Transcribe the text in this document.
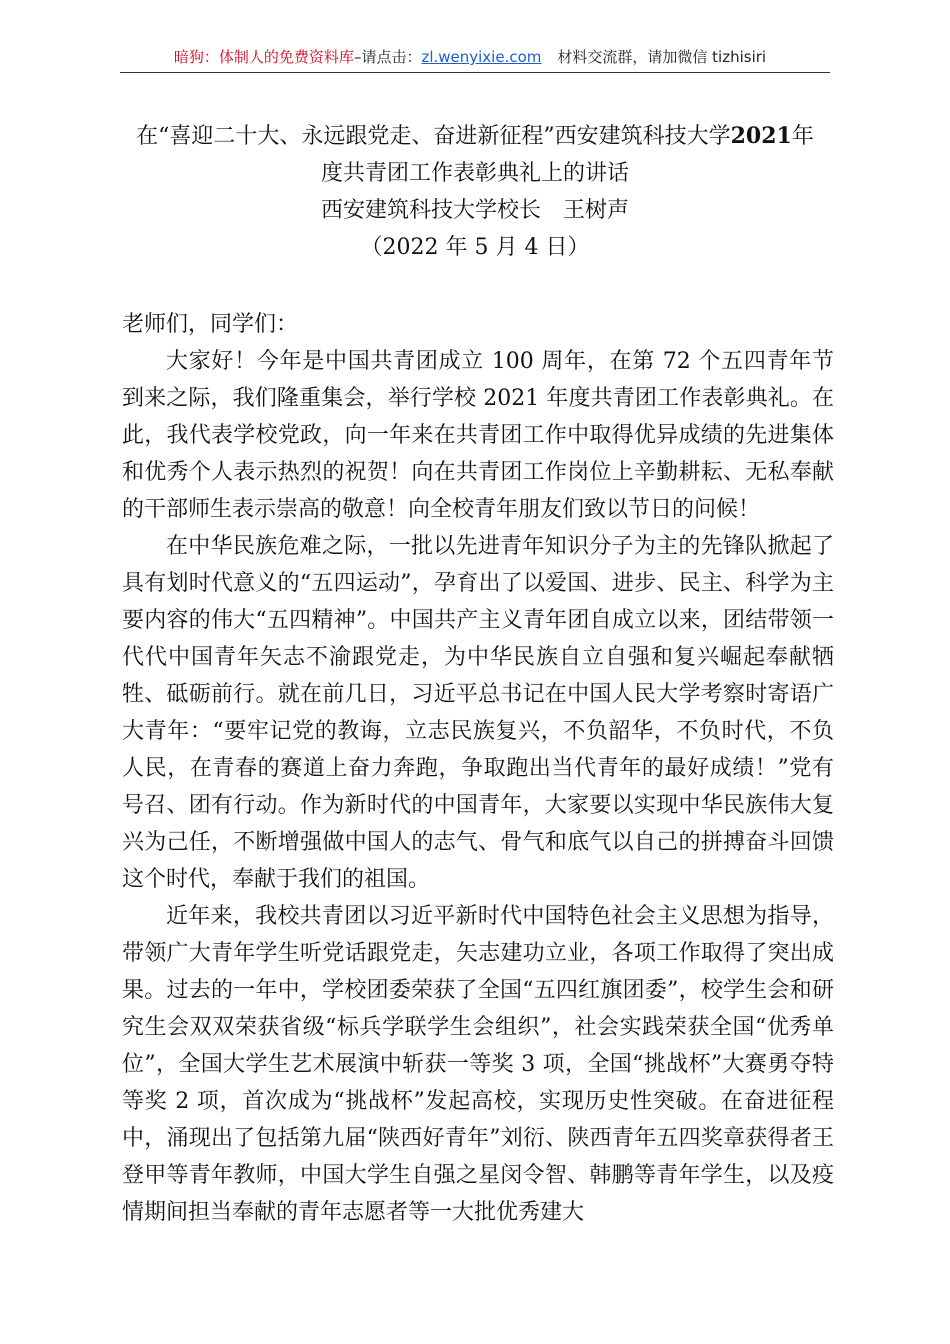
暗狗：体制人的免费资料库–请点击：zl.wenyixie.com 材料交流群，请加微信 tizhisiri
在“喜迎二十大、永远跟党走、奋进新征程”西安建筑科技大学2021年
度共青团工作表彰典礼上的讲话
西安建筑科技大学校长　王树声
（2022 年 5 月 4 日）

老师们，同学们：

大家好！今年是中国共青团成立 100 周年，在第 72 个五四青年节到来之际，我们隆重集会，举行学校 2021 年度共青团工作表彰典礼。在此，我代表学校党政，向一年来在共青团工作中取得优异成绩的先进集体和优秀个人表示热烈的祝贺！向在共青团工作岗位上辛勤耕耘、无私奉献的干部师生表示崇高的敬意！向全校青年朋友们致以节日的问候！

在中华民族危难之际，一批以先进青年知识分子为主的先锋队掀起了具有划时代意义的“五四运动”，孕育出了以爱国、进步、民主、科学为主要内容的伟大“五四精神”。中国共产主义青年团自成立以来，团结带领一代代中国青年矢志不渝跟党走，为中华民族自立自强和复兴崛起奉献牺牲、砥砺前行。就在前几日，习近平总书记在中国人民大学考察时寄语广大青年：“要牢记党的教诲，立志民族复兴，不负韶华，不负时代，不负人民，在青春的赛道上奋力奔跑，争取跑出当代青年的最好成绩！”党有号召、团有行动。作为新时代的中国青年，大家要以实现中华民族伟大复兴为己任，不断增强做中国人的志气、骨气和底气以自己的拼搏奋斗回馈这个时代，奉献于我们的祖国。

近年来，我校共青团以习近平新时代中国特色社会主义思想为指导，带领广大青年学生听党话跟党走，矢志建功立业，各项工作取得了突出成果。过去的一年中，学校团委荣获了全国“五四红旗团委”，校学生会和研究生会双双荣获省级“标兵学联学生会组织”，社会实践荣获全国“优秀单位”，全国大学生艺术展演中斩获一等奖 3 项，全国“挑战杯”大赛勇夺特等奖 2 项，首次成为“挑战杯”发起高校，实现历史性突破。在奋进征程中，涌现出了包括第九届“陕西好青年”刘衍、陕西青年五四奖章获得者王登甲等青年教师，中国大学生自强之星闵令智、韩鹏等青年学生，以及疫情期间担当奉献的青年志愿者等一大批优秀建大
